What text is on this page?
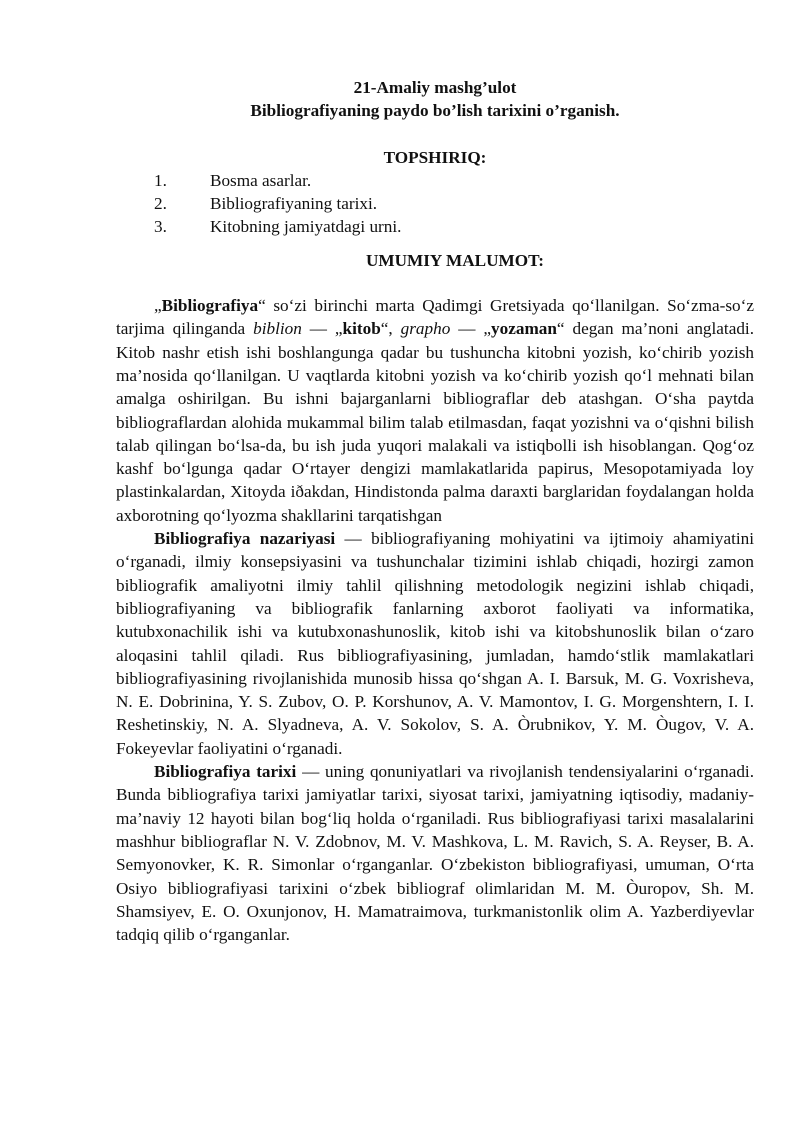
21-Amaliy mashg’ulot

Bibliografiyaning paydo bo’lish tarixini o’rganish.

TOPSHIRIQ:

1.	Bosma asarlar.
2.	Bibliografiyaning tarixi.
3.	Kitobning jamiyatdagi urni.

UMUMIY MALUMOT:

„Bibliografiya“ so‘zi birinchi marta Qadimgi Gretsiyada qo‘llanilgan. So‘zma-so‘z tarjima qilinganda biblion — „kitob“, grapho — „yozaman“ degan ma’noni anglatadi. Kitob nashr etish ishi boshlangunga qadar bu tushuncha kitobni yozish, ko‘chirib yozish ma’nosida qo‘llanilgan. U vaqtlarda kitobni yozish va ko‘chirib yozish qo‘l mehnati bilan amalga oshirilgan. Bu ishni bajarganlarni bibliograflar deb atashgan. O‘sha paytda bibliograflardan alohida mukammal bilim talab etilmasdan, faqat yozishni va o‘qishni bilish talab qilingan bo‘lsa-da, bu ish juda yuqori malakali va istiqbolli ish hisoblangan. Qog‘oz kashf bo‘lgunga qadar O‘rtayer dengizi mamlakatlarida papirus, Mesopotamiyada loy plastinkalardan, Xitoyda iðakdan, Hindistonda palma daraxti barglaridan foydalangan holda axborotning qo‘lyozma shakllarini tarqatishgan

Bibliografiya nazariyasi — bibliografiyaning mohiyatini va ijtimoiy ahamiyatini o‘rganadi, ilmiy konsepsiyasini va tushunchalar tizimini ishlab chiqadi, hozirgi zamon bibliografik amaliyotni ilmiy tahlil qilishning metodologik negizini ishlab chiqadi, bibliografiyaning va bibliografik fanlarning axborot faoliyati va informatika, kutubxonachilik ishi va kutubxonashunoslik, kitob ishi va kitobshunoslik bilan o‘zaro aloqasini tahlil qiladi. Rus bibliografiyasining, jumladan, hamdo‘stlik mamlakatlari bibliografiyasining rivojlanishida munosib hissa qo‘shgan A. I. Barsuk, M. G. Voxrisheva, N. E. Dobrinina, Y. S. Zubov, O. P. Korshunov, A. V. Mamontov, I. G. Morgenshtern, I. I. Reshetinskiy, N. A. Slyadneva, A. V. Sokolov, S. A. Òrubnikov, Y. M. Òugov, V. A. Fokeyevlar faoliyatini o‘rganadi.

Bibliografiya tarixi — uning qonuniyatlari va rivojlanish tendensiyalarini o‘rganadi. Bunda bibliografiya tarixi jamiyatlar tarixi, siyosat tarixi, jamiyatning iqtisodiy, madaniy-ma’naviy 12 hayoti bilan bog‘liq holda o‘rganiladi. Rus bibliografiyasi tarixi masalalarini mashhur bibliograflar N. V. Zdobnov, M. V. Mashkova, L. M. Ravich, S. A. Reyser, B. A. Semyonovker, K. R. Simonlar o‘rganganlar. O‘zbekiston bibliografiyasi, umuman, O‘rta Osiyo bibliografiyasi tarixini o‘zbek bibliograf olimlaridan M. M. Òuropov, Sh. M. Shamsiyev, E. O. Oxunjonov, H. Mamatraimova, turkmanistonlik olim A. Yazberdiyevlar tadqiq qilib o‘rganganlar.
